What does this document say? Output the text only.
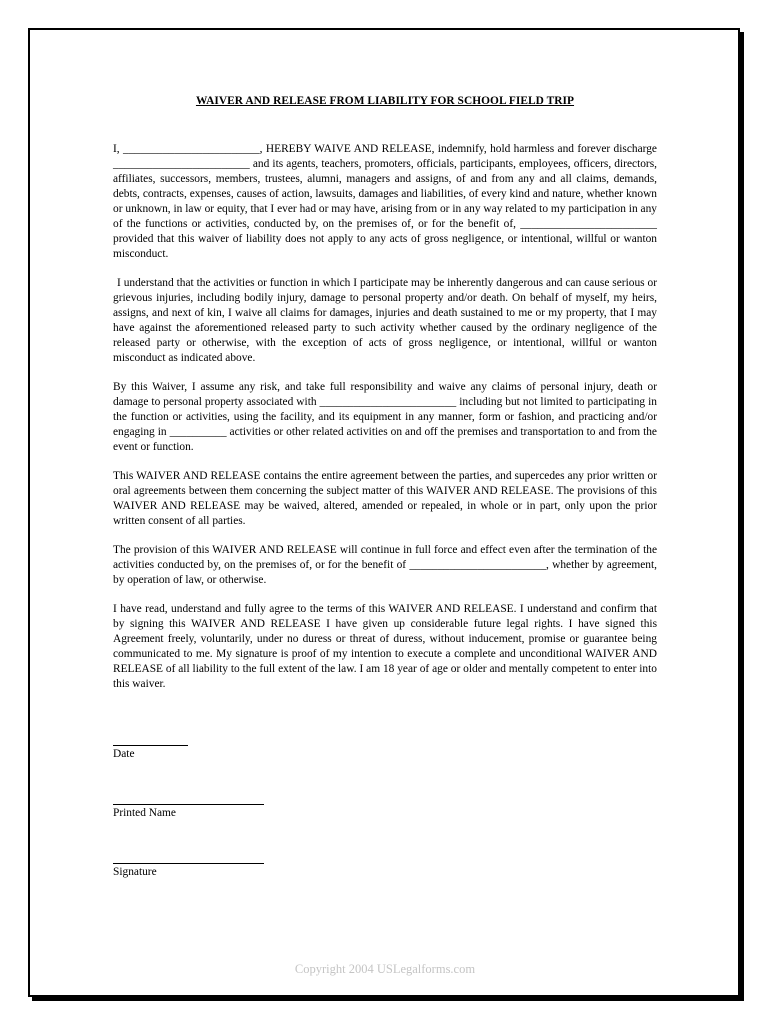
WAIVER AND RELEASE FROM LIABILITY FOR SCHOOL FIELD TRIP

I, ________________________, HEREBY WAIVE AND RELEASE, indemnify, hold harmless and forever discharge ________________________ and its agents, teachers, promoters, officials, participants, employees, officers, directors, affiliates, successors, members, trustees, alumni, managers and assigns, of and from any and all claims, demands, debts, contracts, expenses, causes of action, lawsuits, damages and liabilities, of every kind and nature, whether known or unknown, in law or equity, that I ever had or may have, arising from or in any way related to my participation in any of the functions or activities, conducted by, on the premises of, or for the benefit of, ________________________ provided that this waiver of liability does not apply to any acts of gross negligence, or intentional, willful or wanton misconduct.

I understand that the activities or function in which I participate may be inherently dangerous and can cause serious or grievous injuries, including bodily injury, damage to personal property and/or death. On behalf of myself, my heirs, assigns, and next of kin, I waive all claims for damages, injuries and death sustained to me or my property, that I may have against the aforementioned released party to such activity whether caused by the ordinary negligence of the released party or otherwise, with the exception of acts of gross negligence, or intentional, willful or wanton misconduct as indicated above.

By this Waiver, I assume any risk, and take full responsibility and waive any claims of personal injury, death or damage to personal property associated with ________________________ including but not limited to participating in the function or activities, using the facility, and its equipment in any manner, form or fashion, and practicing and/or engaging in __________ activities or other related activities on and off the premises and transportation to and from the event or function.

This WAIVER AND RELEASE contains the entire agreement between the parties, and supercedes any prior written or oral agreements between them concerning the subject matter of this WAIVER AND RELEASE. The provisions of this WAIVER AND RELEASE may be waived, altered, amended or repealed, in whole or in part, only upon the prior written consent of all parties.

The provision of this WAIVER AND RELEASE will continue in full force and effect even after the termination of the activities conducted by, on the premises of, or for the benefit of ________________________, whether by agreement, by operation of law, or otherwise.

I have read, understand and fully agree to the terms of this WAIVER AND RELEASE. I understand and confirm that by signing this WAIVER AND RELEASE I have given up considerable future legal rights. I have signed this Agreement freely, voluntarily, under no duress or threat of duress, without inducement, promise or guarantee being communicated to me. My signature is proof of my intention to execute a complete and unconditional WAIVER AND RELEASE of all liability to the full extent of the law. I am 18 year of age or older and mentally competent to enter into this waiver.

Date
Printed Name
Signature
Copyright 2004 USLegalforms.com
